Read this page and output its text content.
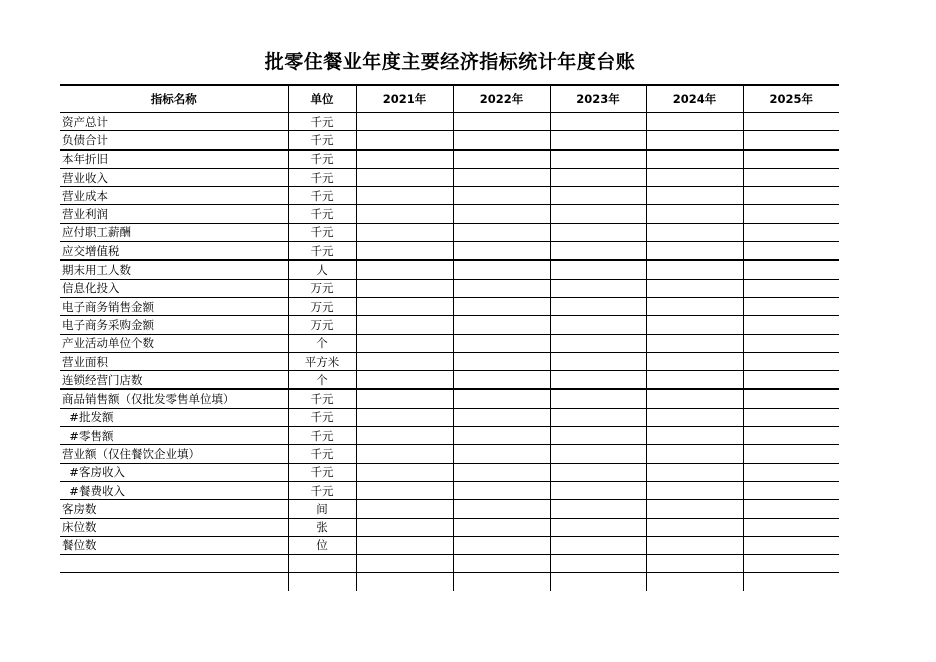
批零住餐业年度主要经济指标统计年度台账
指标名称	单位	2021年	2022年	2023年	2024年	2025年
资产总计	千元					
负债合计	千元					
本年折旧	千元					
营业收入	千元					
营业成本	千元					
营业利润	千元					
应付职工薪酬	千元					
应交增值税	千元					
期末用工人数	人					
信息化投入	万元					
电子商务销售金额	万元					
电子商务采购金额	万元					
产业活动单位个数	个					
营业面积	平方米					
连锁经营门店数	个					
商品销售额（仅批发零售单位填）	千元					
#批发额	千元					
#零售额	千元					
营业额（仅住餐饮企业填）	千元					
#客房收入	千元					
#餐费收入	千元					
客房数	间					
床位数	张					
餐位数	位					
